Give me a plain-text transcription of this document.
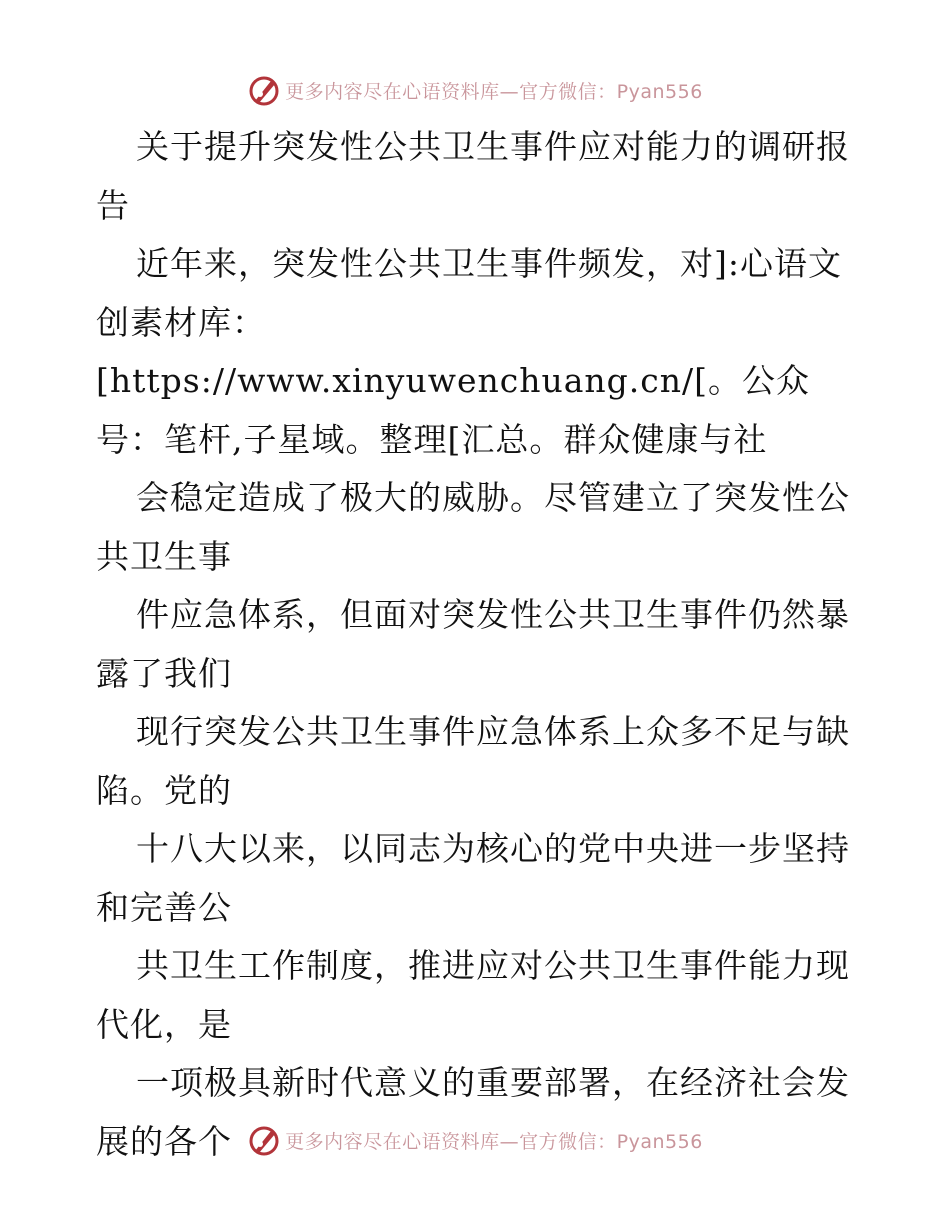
更多内容尽在心语资料库—官方微信：Pyan556

关于提升突发性公共卫生事件应对能力的调研报告

近年来，突发性公共卫生事件频发，对]:心语文创素材库：[https://www.xinyuwenchuang.cn/[。公众号：笔杆,子星域。整理[汇总。群众健康与社

会稳定造成了极大的威胁。尽管建立了突发性公共卫生事

件应急体系，但面对突发性公共卫生事件仍然暴露了我们

现行突发公共卫生事件应急体系上众多不足与缺陷。党的

十八大以来，以同志为核心的党中央进一步坚持和完善公

共卫生工作制度，推进应对公共卫生事件能力现代化，是

一项极具新时代意义的重要部署，在经济社会发展的各个	更多内容尽在心语资料库—官方微信：Pyan556
